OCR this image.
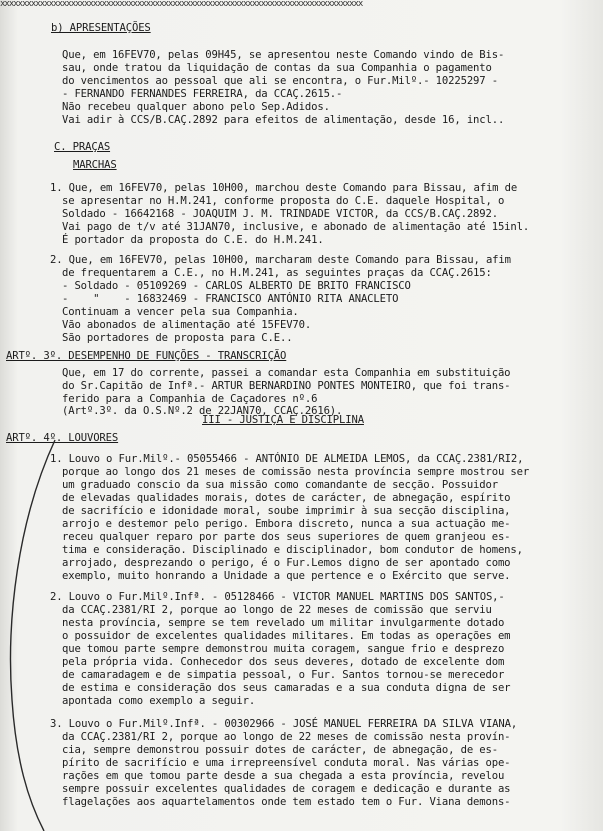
xxxxxxxxxxxxxxxxxxxxxxxxxxxxxxxxxxxxxxxxxxxxxxxxxxxxxxxxxxxxxxxxxxxxxxxxxxxxxxxxxx
b) APRESENTAÇÕES
Que, em 16FEV70, pelas 09H45, se apresentou neste Comando vindo de Bis-
sau, onde tratou da liquidação de contas da sua Companhia o pagamento
do vencimentos ao pessoal que ali se encontra, o Fur.Milº.- 10225297 -
- FERNANDO FERNANDES FERREIRA, da CCAÇ.2615.-
Não recebeu qualquer abono pelo Sep.Adidos.
Vai adir à CCS/B.CAÇ.2892 para efeitos de alimentação, desde 16, incl..
C. PRAÇAS
MARCHAS
1. Que, em 16FEV70, pelas 10H00, marchou deste Comando para Bissau, afim de
se apresentar no H.M.241, conforme proposta do C.E. daquele Hospital, o
Soldado - 16642168 - JOAQUIM J. M. TRINDADE VICTOR, da CCS/B.CAÇ.2892.
Vai pago de t/v até 31JAN70, inclusive, e abonado de alimentação até 15inl.
É portador da proposta do C.E. do H.M.241.
2. Que, em 16FEV70, pelas 10H00, marcharam deste Comando para Bissau, afim
de frequentarem a C.E., no H.M.241, as seguintes praças da CCAÇ.2615:
- Soldado - 05109269 - CARLOS ALBERTO DE BRITO FRANCISCO
-    "    - 16832469 - FRANCISCO ANTÓNIO RITA ANACLETO
Continuam a vencer pela sua Companhia.
Vão abonados de alimentação até 15FEV70.
São portadores de proposta para C.E..
ARTº. 3º. DESEMPENHO DE FUNÇÕES - TRANSCRIÇÃO
Que, em 17 do corrente, passei a comandar esta Companhia em substituição
do Sr.Capitão de Infª.- ARTUR BERNARDINO PONTES MONTEIRO, que foi trans-
ferido para a Companhia de Caçadores nº.6
(Artº.3º. da O.S.Nº.2 de 22JAN70, CCAÇ.2616).
III - JUSTIÇA E DISCIPLINA
ARTº. 4º. LOUVORES
1. Louvo o Fur.Milº.- 05055466 - ANTÓNIO DE ALMEIDA LEMOS, da CCAÇ.2381/RI2,
porque ao longo dos 21 meses de comissão nesta província sempre mostrou ser
um graduado conscio da sua missão como comandante de secção. Possuidor
de elevadas qualidades morais, dotes de carácter, de abnegação, espírito
de sacrifício e idonidade moral, soube imprimir à sua secção disciplina,
arrojo e destemor pelo perigo. Embora discreto, nunca a sua actuação me-
receu qualquer reparo por parte dos seus superiores de quem granjeou es-
tima e consideração. Disciplinado e disciplinador, bom condutor de homens,
arrojado, desprezando o perigo, é o Fur.Lemos digno de ser apontado como
exemplo, muito honrando a Unidade a que pertence e o Exército que serve.
2. Louvo o Fur.Milº.Infª. - 05128466 - VICTOR MANUEL MARTINS DOS SANTOS,-
da CCAÇ.2381/RI 2, porque ao longo de 22 meses de comissão que serviu
nesta província, sempre se tem revelado um militar invulgarmente dotado
o possuidor de excelentes qualidades militares. Em todas as operações em
que tomou parte sempre demonstrou muita coragem, sangue frio e desprezo
pela própria vida. Conhecedor dos seus deveres, dotado de excelente dom
de camaradagem e de simpatia pessoal, o Fur. Santos tornou-se merecedor
de estima e consideração dos seus camaradas e a sua conduta digna de ser
apontada como exemplo a seguir.
3. Louvo o Fur.Milº.Infª. - 00302966 - JOSÉ MANUEL FERREIRA DA SILVA VIANA,
da CCAÇ.2381/RI 2, porque ao longo de 22 meses de comissão nesta provín-
cia, sempre demonstrou possuir dotes de carácter, de abnegação, de es-
pírito de sacrifício e uma irrepreensível conduta moral. Nas várias ope-
rações em que tomou parte desde a sua chegada a esta província, revelou
sempre possuir excelentes qualidades de coragem e dedicação e durante as
flagelações aos aquartelamentos onde tem estado tem o Fur. Viana demons-
